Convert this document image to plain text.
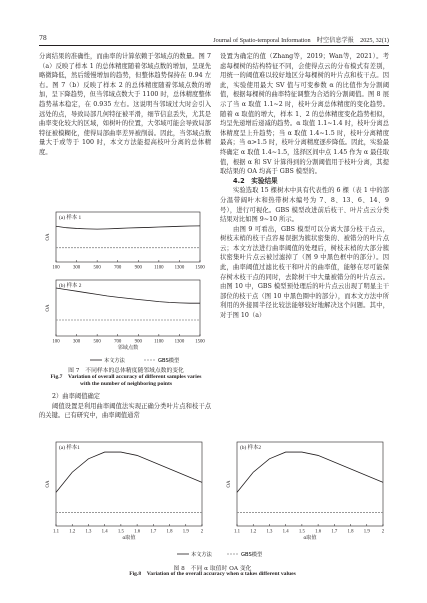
78	Journal of Spatio-temporal Information　时空信息学报　2025, 32(1)

分离结果的准确性，而曲率的计算依赖于邻域点的数量。图 7（a）反映了样本 1 的总体精度随着邻域点数的增加，呈现先略微降低，然后缓慢增加的趋势，但整体趋势保持在 0.94 左右。图 7（b）反映了样本 2 的总体精度随着邻域点数的增加，呈下降趋势，但当邻域点数大于 1100 时，总体精度整体趋势基本稳定，在 0.935 左右。这说明当邻域过大时会引入远处的点，导致局部几何特征被平滑，细节信息丢失，尤其是曲率变化较大的区域，如树叶的位置，大邻域可能会导致局部特征被模糊化，使得局部曲率差异被削弱。因此，当邻域点数量大于或等于 100 时，本文方法能提高枝叶分离的总体精度。

(a) 样本 1
100	300	500	700	900	1100 1300 1500
OA
(b) 样本 2
100	300	500	700	900	1100 1300 1500
OA
邻域点数
本文方法	GBS模型
图 7　不同样本的总体精度随邻域点数的变化
Fig.7　Variation of overall accuracy of different samples varies with the number of neighboring points

2）曲率阈值确定

阈值设置是利用曲率阈值法实现正确分类叶片点和枝干点的关键。已有研究中，曲率阈值通常

设置为确定的值（Zhang等，2019；Wan等，2021）。考虑每棵树的结构特征不同，会使得点云的分布模式有差别，用统一的阈值难以较好地区分每棵树的叶片点和枝干点。因此，实验使用最大 SV 值与可变参数 α 的比值作为分割阈值，根据每棵树的曲率特征调整为合适的分割阈值。图 8 展示了当 α 取值 1.1~2 时，枝叶分离总体精度的变化趋势。随着 α 取值的增大，样本 1、2 的总体精度变化趋势相似，均呈先递增后递减的趋势。α 取值 1.1~1.4 时，枝叶分离总体精度呈上升趋势；当 α 取值 1.4~1.5 时，枝叶分离精度最高；当 α>1.5 时，枝叶分离精度逐步降低。因此，实验最终确定 α 取值 1.4~1.5，选择区间中点 1.45 作为 α 最佳取值，根据 α 和 SV 计算得到的分割阈值用于枝叶分离，其提取结果的 OA 均高于 GBS 模型的。

4.2　实验结果

实验选取 15 棵树木中具有代表性的 6 棵（表 1 中的部分温带阔叶木和热带树木编号为 7、8、13、6、14、9 号），进行可视化。GBS 模型改进前后枝干、叶片点云分类结果对比如图 9~10 所示。

由图 9 可看出，GBS 模型可以分离大部分枝干点云，树枝末梢的枝干点容易误据为簇状密集的、被错分的叶片点云；本文方法进行曲率阈值的处理后，树枝末梢的大部分簇状密集叶片点云被过滤掉了（图 9 中黑色框中的部分）。因此，曲率阈值过滤比枝干和叶片的曲率值，能够在尽可能保存树木枝干点的同时，去除树干中大量被错分的叶片点云。由图 10 中，GBS 模型预处理后的叶片点云出现了明显主干部位的枝干点（图 10 中黑色圈中的部分），而本文方法中所利用的外接圆半径比较法能够较好地解决这个问题。其中，对于图 10（a）

(a) 样本1
1.1 1.2 1.3 1.4 1.5 1.6 1.7 1.8 1.9	2
OA
α取值
(b) 样本2
1.1 1.2 1.3 1.4 1.5 1.6 1.7 1.8 1.9	2
OA
α取值
本文方法	GBS模型
图 8　不同 α 取值时 OA 变化
Fig.8　Variation of the overall accuracy when α takes different values
